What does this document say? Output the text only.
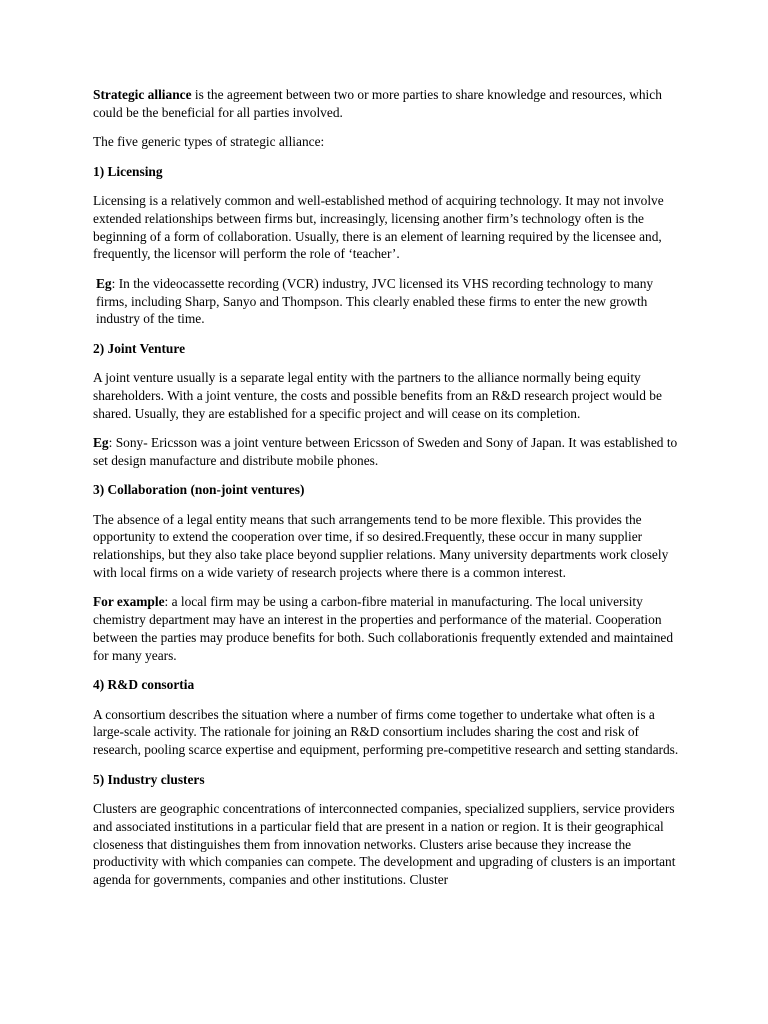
Strategic alliance is the agreement between two or more parties to share knowledge and resources, which could be the beneficial for all parties involved.

The five generic types of strategic alliance:

1) Licensing

Licensing is a relatively common and well-established method of acquiring technology. It may not involve extended relationships between firms but, increasingly, licensing another firm’s technology often is the beginning of a form of collaboration. Usually, there is an element of learning required by the licensee and, frequently, the licensor will perform the role of ‘teacher’.

Eg: In the videocassette recording (VCR) industry, JVC licensed its VHS recording technology to many firms, including Sharp, Sanyo and Thompson. This clearly enabled these firms to enter the new growth industry of the time.

2) Joint Venture

A joint venture usually is a separate legal entity with the partners to the alliance normally being equity shareholders. With a joint venture, the costs and possible benefits from an R&D research project would be shared. Usually, they are established for a specific project and will cease on its completion.

Eg: Sony- Ericsson was a joint venture between Ericsson of Sweden and Sony of Japan. It was established to set design manufacture and distribute mobile phones.

3) Collaboration (non-joint ventures)

The absence of a legal entity means that such arrangements tend to be more flexible. This provides the opportunity to extend the cooperation over time, if so desired.Frequently, these occur in many supplier relationships, but they also take place beyond supplier relations. Many university departments work closely with local firms on a wide variety of research projects where there is a common interest.

For example: a local firm may be using a carbon-fibre material in manufacturing. The local university chemistry department may have an interest in the properties and performance of the material. Cooperation between the parties may produce benefits for both. Such collaborationis frequently extended and maintained for many years.

4) R&D consortia

A consortium describes the situation where a number of firms come together to undertake what often is a large-scale activity. The rationale for joining an R&D consortium includes sharing the cost and risk of research, pooling scarce expertise and equipment, performing pre-competitive research and setting standards.

5) Industry clusters

Clusters are geographic concentrations of interconnected companies, specialized suppliers, service providers and associated institutions in a particular field that are present in a nation or region. It is their geographical closeness that distinguishes them from innovation networks. Clusters arise because they increase the productivity with which companies can compete. The development and upgrading of clusters is an important agenda for governments, companies and other institutions. Cluster
